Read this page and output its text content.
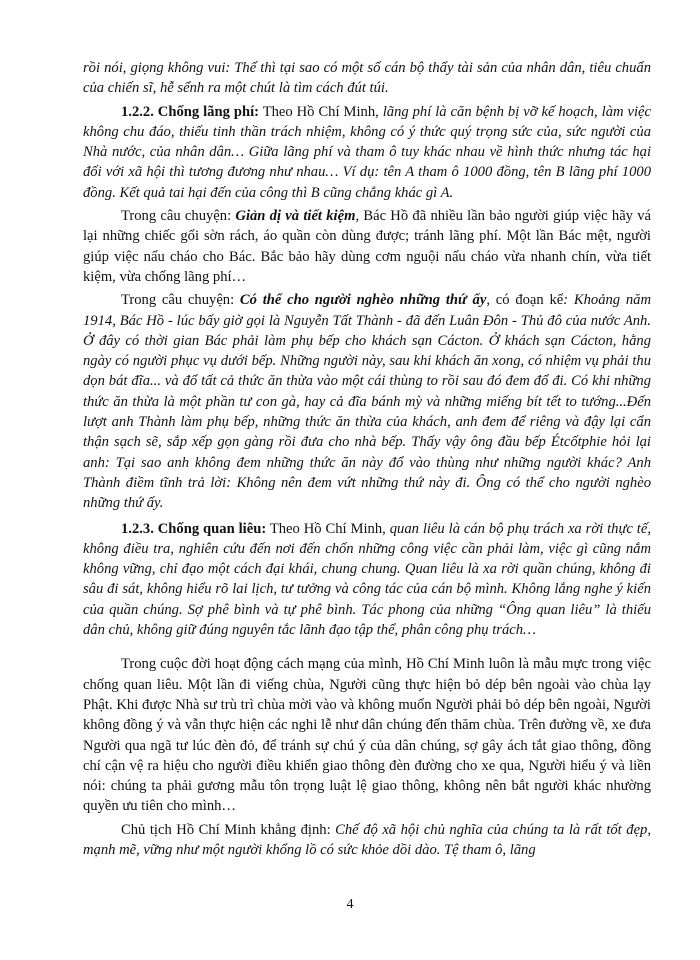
rồi nói, giọng không vui: Thế thì tại sao có một số cán bộ thấy tài sản của nhân dân, tiêu chuẩn của chiến sĩ, hễ sểnh ra một chút là tìm cách đút túi.

1.2.2. Chống lãng phí: Theo Hồ Chí Minh, lãng phí là căn bệnh bị vỡ kế hoạch, làm việc không chu đáo, thiếu tinh thần trách nhiệm, không có ý thức quý trọng sức của, sức người của Nhà nước, của nhân dân… Giữa lãng phí và tham ô tuy khác nhau về hình thức nhưng tác hại đối với xã hội thì tương đương như nhau… Ví dụ: tên A tham ô 1000 đồng, tên B lãng phí 1000 đồng. Kết quả tai hại đến của công thì B cũng chẳng khác gì A.

Trong câu chuyện: Giản dị và tiết kiệm, Bác Hồ đã nhiều lần bảo người giúp việc hãy vá lại những chiếc gối sờn rách, áo quần còn dùng được; tránh lãng phí. Một lần Bác mệt, người giúp việc nấu cháo cho Bác. Bắc bảo hãy dùng cơm nguội nấu cháo vừa nhanh chín, vừa tiết kiệm, vừa chống lãng phí…

Trong câu chuyện: Có thể cho người nghèo những thứ ấy, có đoạn kể: Khoảng năm 1914, Bác Hồ - lúc bấy giờ gọi là Nguyễn Tất Thành - đã đến Luân Đôn - Thủ đô của nước Anh. Ở đây có thời gian Bác phải làm phụ bếp cho khách sạn Cácton. Ở khách sạn Cácton, hằng ngày có người phục vụ dưới bếp. Những người này, sau khi khách ăn xong, có nhiệm vụ phải thu dọn bát đĩa... và đổ tất cả thức ăn thừa vào một cái thùng to rồi sau đó đem đổ đi. Có khi những thức ăn thừa là một phần tư con gà, hay cả đĩa bánh mỳ và những miếng bít tết to tướng...Đến lượt anh Thành làm phụ bếp, những thức ăn thừa của khách, anh đem để riêng và đậy lại cẩn thận sạch sẽ, sắp xếp gọn gàng rồi đưa cho nhà bếp. Thấy vậy ông đầu bếp Étcốtphie hỏi lại anh: Tại sao anh không đem những thức ăn này đổ vào thùng như những người khác? Anh Thành điềm tĩnh trả lời: Không nên đem vứt những thứ này đi. Ông có thể cho người nghèo những thứ ấy.

1.2.3. Chống quan liêu: Theo Hồ Chí Minh, quan liêu là cán bộ phụ trách xa rời thực tế, không điều tra, nghiên cứu đến nơi đến chốn những công việc cần phải làm, việc gì cũng nắm không vững, chỉ đạo một cách đại khái, chung chung. Quan liêu là xa rời quần chúng, không đi sâu đi sát, không hiểu rõ lai lịch, tư tưởng và công tác của cán bộ mình. Không lắng nghe ý kiến của quần chúng. Sợ phê bình và tự phê bình. Tác phong của những “Ông quan liêu” là thiếu dân chủ, không giữ đúng nguyên tắc lãnh đạo tập thể, phân công phụ trách…

Trong cuộc đời hoạt động cách mạng của mình, Hồ Chí Minh luôn là mẫu mực trong việc chống quan liêu. Một lần đi viếng chùa, Người cũng thực hiện bỏ dép bên ngoài vào chùa lạy Phật. Khi được Nhà sư trù trì chùa mời vào và không muốn Người phải bỏ dép bên ngoài, Người không đồng ý và vẫn thực hiện các nghi lễ như dân chúng đến thăm chùa. Trên đường về, xe đưa Người qua ngã tư lúc đèn đỏ, để tránh sự chú ý của dân chúng, sợ gây ách tắt giao thông, đồng chí cận vệ ra hiệu cho người điều khiển giao thông đèn đường cho xe qua, Người hiểu ý và liền nói: chúng ta phải gương mẫu tôn trọng luật lệ giao thông, không nên bắt người khác nhường quyền ưu tiên cho mình…

Chủ tịch Hồ Chí Minh khẳng định: Chế độ xã hội chủ nghĩa của chúng ta là rất tốt đẹp, mạnh mẽ, vững như một người khổng lồ có sức khỏe dồi dào. Tệ tham ô, lãng

4
